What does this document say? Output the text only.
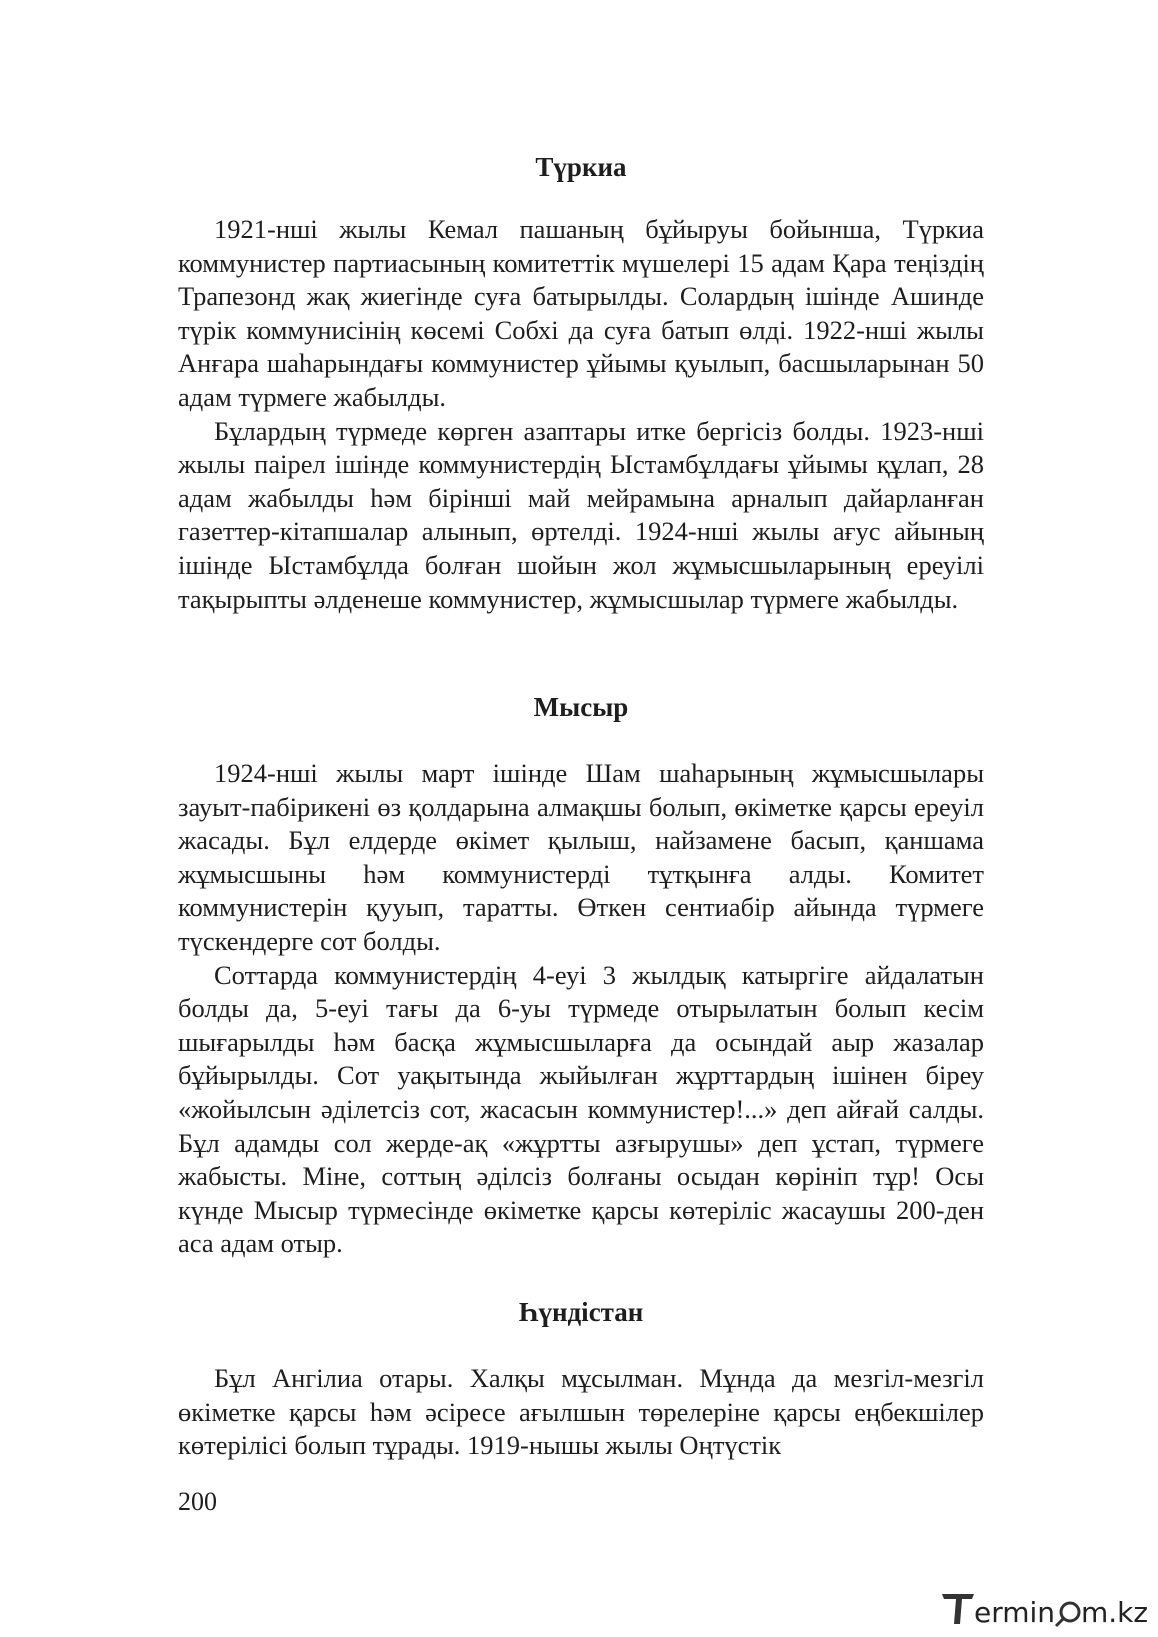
Түркиа

1921-нші жылы Кемал пашаның бұйыруы бойынша, Түркиа коммунистер партиасының комитеттік мүшелері 15 адам Қара теңіздің Трапезонд жақ жиегінде суға батырылды. Солардың ішінде Ашинде түрік коммунисінің көсемі Собхі да суға батып өлді. 1922-нші жылы Анғара шаһарындағы коммунистер ұйымы қуылып, басшыларынан 50 адам түрмеге жабылды.

Бұлардың түрмеде көрген азаптары итке бергісіз болды. 1923-нші жылы паірел ішінде коммунистердің Ыстамбұлдағы ұйымы құлап, 28 адам жабылды һәм бірінші май мейрамына арналып дайарланған газеттер-кітапшалар алынып, өртелді. 1924-нші жылы ағус айының ішінде Ыстамбұлда болған шойын жол жұмысшыларының ереуілі тақырыпты әлденеше коммунистер, жұмысшылар түрмеге жабылды.

Мысыр

1924-нші жылы март ішінде Шам шаһарының жұмысшылары зауыт-пабірикені өз қолдарына алмақшы болып, өкіметке қарсы ереуіл жасады. Бұл елдерде өкімет қылыш, найзамене басып, қаншама жұмысшыны һәм коммунистерді тұтқынға алды. Комитет коммунистерін қууып, таратты. Өткен сентиабір айында түрмеге түскендерге сот болды.

Соттарда коммунистердің 4-еуі 3 жылдық катыргіге айдалатын болды да, 5-еуі тағы да 6-уы түрмеде отырылатын болып кесім шығарылды һәм басқа жұмысшыларға да осындай аыр жазалар бұйырылды. Сот уақытында жыйылған жұрттардың ішінен біреу «жойылсын әділетсіз сот, жасасын коммунистер!...» деп айғай салды. Бұл адамды сол жерде-ақ «жұртты азғырушы» деп ұстап, түрмеге жабысты. Міне, соттың әділсіз болғаны осыдан көрініп тұр! Осы күнде Мысыр түрмесінде өкіметке қарсы көтеріліс жасаушы 200-ден аса адам отыр.

Һүндістан

Бұл Ангілиа отары. Халқы мұсылман. Мұнда да мезгіл-мезгіл өкіметке қарсы һәм әсіресе ағылшын төрелеріне қарсы еңбекшілер көтерілісі болып тұрады. 1919-нышы жылы Оңтүстік

200
ermin m.kz
